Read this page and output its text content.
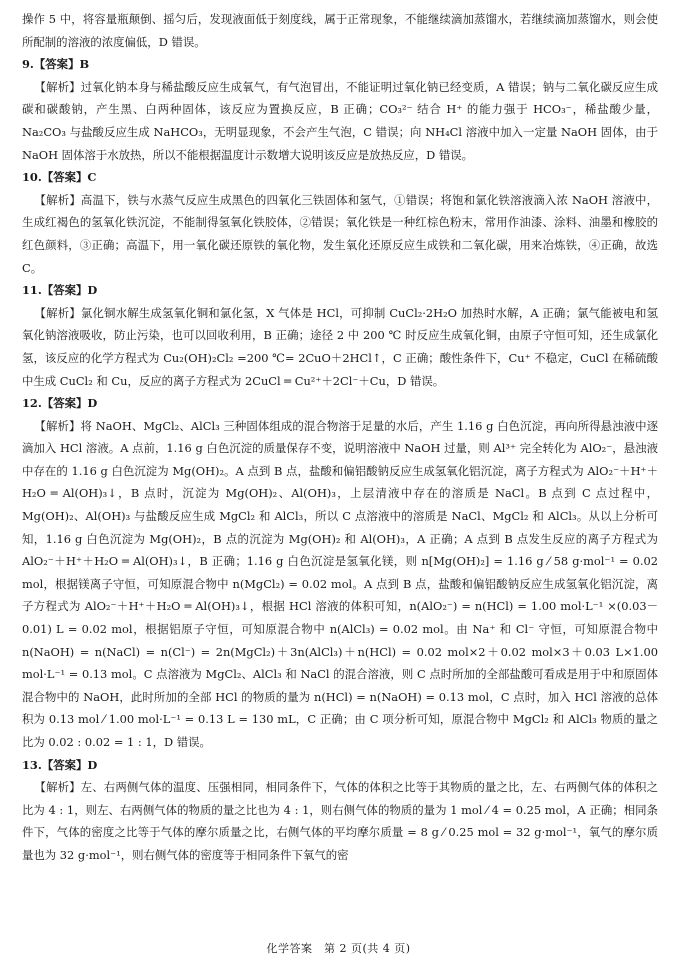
操作 5 中，将容量瓶颠倒、摇匀后，发现液面低于刻度线，属于正常现象，不能继续滴加蒸馏水，若继续滴加蒸馏水，则会使所配制的溶液的浓度偏低，D 错误。

9.【答案】B

【解析】过氧化钠本身与稀盐酸反应生成氧气，有气泡冒出，不能证明过氧化钠已经变质，A 错误；钠与二氧化碳反应生成碳和碳酸钠，产生黑、白两种固体，该反应为置换反应，B 正确；CO₃²⁻ 结合 H⁺ 的能力强于 HCO₃⁻，稀盐酸少量，Na₂CO₃ 与盐酸反应生成 NaHCO₃，无明显现象，不会产生气泡，C 错误；向 NH₄Cl 溶液中加入一定量 NaOH 固体，由于 NaOH 固体溶于水放热，所以不能根据温度计示数增大说明该反应是放热反应，D 错误。

10.【答案】C

【解析】高温下，铁与水蒸气反应生成黑色的四氧化三铁固体和氢气，①错误；将饱和氯化铁溶液滴入浓 NaOH 溶液中，生成红褐色的氢氧化铁沉淀，不能制得氢氧化铁胶体，②错误；氧化铁是一种红棕色粉末，常用作油漆、涂料、油墨和橡胶的红色颜料，③正确；高温下，用一氧化碳还原铁的氧化物，发生氧化还原反应生成铁和二氧化碳，用来冶炼铁，④正确，故选 C。

11.【答案】D

【解析】氯化铜水解生成氢氧化铜和氯化氢，X 气体是 HCl，可抑制 CuCl₂·2H₂O 加热时水解，A 正确；氯气能被电和氢氧化钠溶液吸收，防止污染，也可以回收利用，B 正确；途径 2 中 200 ℃ 时反应生成氧化铜，由原子守恒可知，还生成氯化氢，该反应的化学方程式为 Cu₂(OH)₂Cl₂ =200 ℃= 2CuO＋2HCl↑，C 正确；酸性条件下，Cu⁺ 不稳定，CuCl 在稀硫酸中生成 CuCl₂ 和 Cu，反应的离子方程式为 2CuCl ═ Cu²⁺＋2Cl⁻＋Cu，D 错误。

12.【答案】D

【解析】将 NaOH、MgCl₂、AlCl₃ 三种固体组成的混合物溶于足量的水后，产生 1.16 g 白色沉淀，再向所得悬浊液中逐滴加入 HCl 溶液。A 点前，1.16 g 白色沉淀的质量保存不变，说明溶液中 NaOH 过量，则 Al³⁺ 完全转化为 AlO₂⁻，悬浊液中存在的 1.16 g 白色沉淀为 Mg(OH)₂。A 点到 B 点，盐酸和偏铝酸钠反应生成氢氧化铝沉淀，离子方程式为 AlO₂⁻＋H⁺＋H₂O ═ Al(OH)₃↓，B 点时，沉淀为 Mg(OH)₂、Al(OH)₃，上层清液中存在的溶质是 NaCl。B 点到 C 点过程中，Mg(OH)₂、Al(OH)₃ 与盐酸反应生成 MgCl₂ 和 AlCl₃，所以 C 点溶液中的溶质是 NaCl、MgCl₂ 和 AlCl₃。从以上分析可知，1.16 g 白色沉淀为 Mg(OH)₂，B 点的沉淀为 Mg(OH)₂ 和 Al(OH)₃，A 正确；A 点到 B 点发生反应的离子方程式为 AlO₂⁻＋H⁺＋H₂O ═ Al(OH)₃↓，B 正确；1.16 g 白色沉淀是氢氧化镁，则 n[Mg(OH)₂] = 1.16 g ⁄ 58 g·mol⁻¹ = 0.02 mol，根据镁离子守恒，可知原混合物中 n(MgCl₂) = 0.02 mol。A 点到 B 点，盐酸和偏铝酸钠反应生成氢氧化铝沉淀，离子方程式为 AlO₂⁻＋H⁺＋H₂O ═ Al(OH)₃↓，根据 HCl 溶液的体积可知，n(AlO₂⁻) = n(HCl) = 1.00 mol·L⁻¹ ×(0.03－0.01) L = 0.02 mol，根据铝原子守恒，可知原混合物中 n(AlCl₃) = 0.02 mol。由 Na⁺ 和 Cl⁻ 守恒，可知原混合物中 n(NaOH) = n(NaCl) = n(Cl⁻) = 2n(MgCl₂)＋3n(AlCl₃)＋n(HCl) = 0.02 mol×2＋0.02 mol×3＋0.03 L×1.00 mol·L⁻¹ = 0.13 mol。C 点溶液为 MgCl₂、AlCl₃ 和 NaCl 的混合溶液，则 C 点时所加的全部盐酸可看成是用于中和原固体混合物中的 NaOH，此时所加的全部 HCl 的物质的量为 n(HCl) = n(NaOH) = 0.13 mol，C 点时，加入 HCl 溶液的总体积为 0.13 mol ⁄ 1.00 mol·L⁻¹ = 0.13 L = 130 mL，C 正确；由 C 项分析可知，原混合物中 MgCl₂ 和 AlCl₃ 物质的量之比为 0.02 : 0.02 = 1 : 1，D 错误。

13.【答案】D

【解析】左、右两侧气体的温度、压强相同，相同条件下，气体的体积之比等于其物质的量之比，左、右两侧气体的体积之比为 4 : 1，则左、右两侧气体的物质的量之比也为 4 : 1，则右侧气体的物质的量为 1 mol ⁄ 4 = 0.25 mol，A 正确；相同条件下，气体的密度之比等于气体的摩尔质量之比，右侧气体的平均摩尔质量 = 8 g ⁄ 0.25 mol = 32 g·mol⁻¹，氧气的摩尔质量也为 32 g·mol⁻¹，则右侧气体的密度等于相同条件下氧气的密

化学答案　第 2 页(共 4 页)
